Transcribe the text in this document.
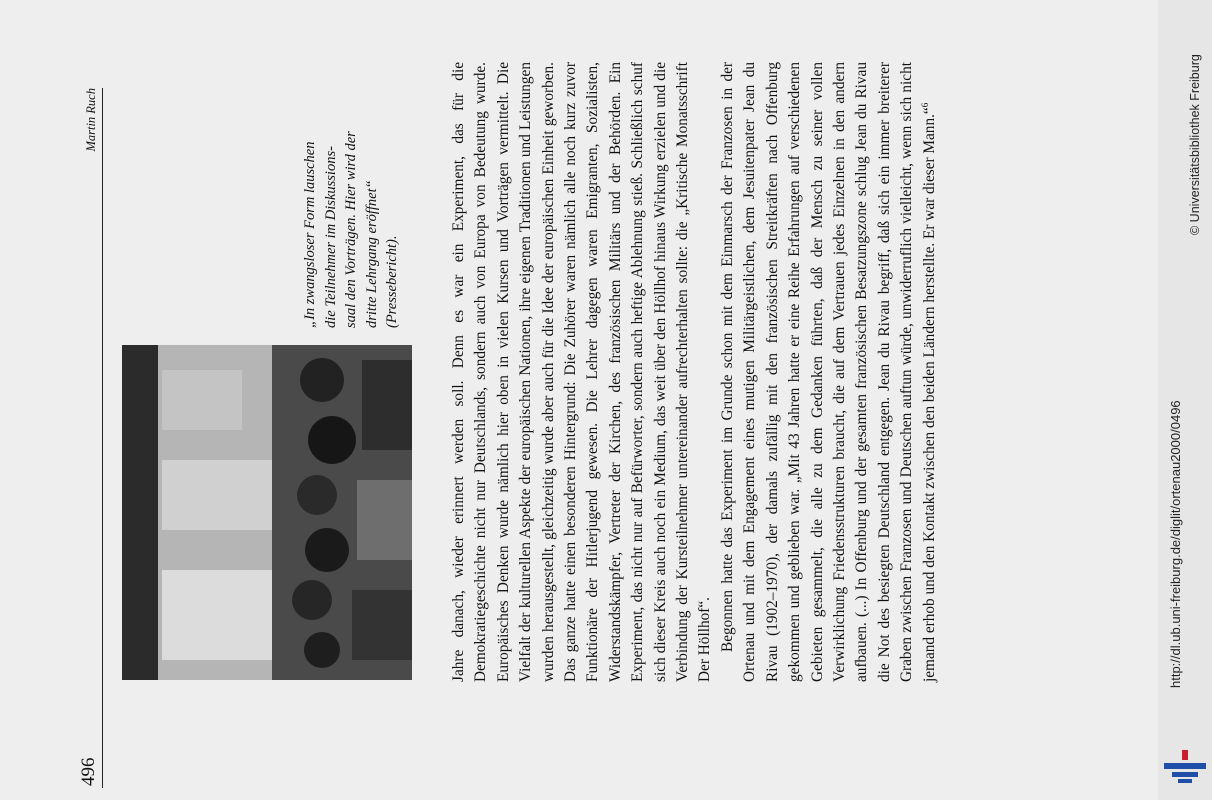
496

Martin Ruch

„In zwangsloser Form lauschen
die Teilnehmer im Diskussions-
saal den Vorträgen. Hier wird der
dritte Lehrgang eröffnet“
(Pressebericht).	Jahre danach, wieder erinnert werden soll. Denn es war ein Experiment, das für die Demokratiegeschichte nicht nur Deutschlands, sondern auch von Europa von Bedeutung wurde. Europäisches Denken wurde nämlich hier oben in vielen Kursen und Vorträgen vermittelt. Die Vielfalt der kulturellen Aspekte der europäischen Nationen, ihre eigenen Traditionen und Leistungen wurden herausgestellt, gleichzeitig wurde aber auch für die Idee der europäischen Einheit geworben. Das ganze hatte einen besonderen Hintergrund: Die Zuhörer waren nämlich alle noch kurz zuvor Funktionäre der Hitlerjugend gewesen. Die Lehrer dagegen waren Emigranten, Sozialisten, Widerstandskämpfer, Vertreter der Kirchen, des französischen Militärs und der Behörden. Ein Experiment, das nicht nur auf Befürworter, sondern auch heftige Ablehnung stieß. Schließlich schuf sich dieser Kreis auch noch ein Medium, das weit über den Höllhof hinaus Wirkung erzielen und die Verbindung der Kursteilnehmer untereinander aufrechterhalten sollte: die „Kritische Monatsschrift Der Höllhof“. Begonnen hatte das Experiment im Grunde schon mit dem Einmarsch der Franzosen in der Ortenau und mit dem Engagement eines mutigen Militärgeistlichen, dem Jesuitenpater Jean du Rivau (1902–1970), der damals zufällig mit den französischen Streitkräften nach Offenburg gekommen und geblieben war. „Mit 43 Jahren hatte er eine Reihe Erfahrungen auf verschiedenen Gebieten gesammelt, die alle zu dem Gedanken führten, daß der Mensch zu seiner vollen Verwirklichung Friedensstrukturen braucht, die auf dem Vertrauen jedes Einzelnen in den andern aufbauen. (...) In Offenburg und der gesamten französischen Besatzungszone schlug Jean du Rivau die Not des besiegten Deutschland entgegen. Jean du Rivau begriff, daß sich ein immer breiterer Graben zwischen Franzosen und Deutschen auftun würde, unwiderruflich vielleicht, wenn sich nicht jemand erhob und den Kontakt zwischen den beiden Ländern herstellte. Er war dieser Mann.“$^6$

http://dl.ub.uni-freiburg.de/diglit/ortenau2000/0496

© Universitätsbibliothek Freiburg
